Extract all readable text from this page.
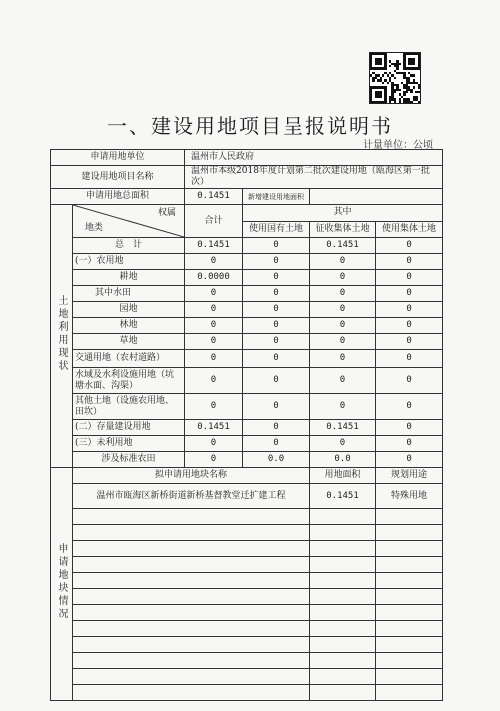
一、建设用地项目呈报说明书
计量单位：公顷
申请用地单位		温州市人民政府			
建设用地项目名称		温州市本级2018年度计划第二批次建设用地（瓯海区第一批次）			
申请用地总面积		0.1451	新增建设用地面积		
土地利用现状	地类
权属	合计	其中		
			使用国有土地	征收集体土地	使用集体土地
	总　计	0.1451	0	0.1451	0
	(一）农用地	0	0	0	0
	耕地	0.0000	0	0	0
	其中水田	0	0	0	0
	园地	0	0	0	0
	林地	0	0	0	0
	草地	0	0	0	0
	交通用地（农村道路）	0	0	0	0
	水域及水利设施用地（坑塘水面、沟渠）	0	0	0	0
	其他土地（设施农用地、田坎）	0	0	0	0
	(二）存量建设用地	0.1451	0	0.1451	0
	(三）未利用地	0	0	0	0
	涉及标准农田	0	0.0	0.0	0
申请地块情况	拟申请用地块名称			用地面积	规划用途
	温州市瓯海区新桥街道新桥基督教堂迁扩建工程			0.1451	特殊用地
